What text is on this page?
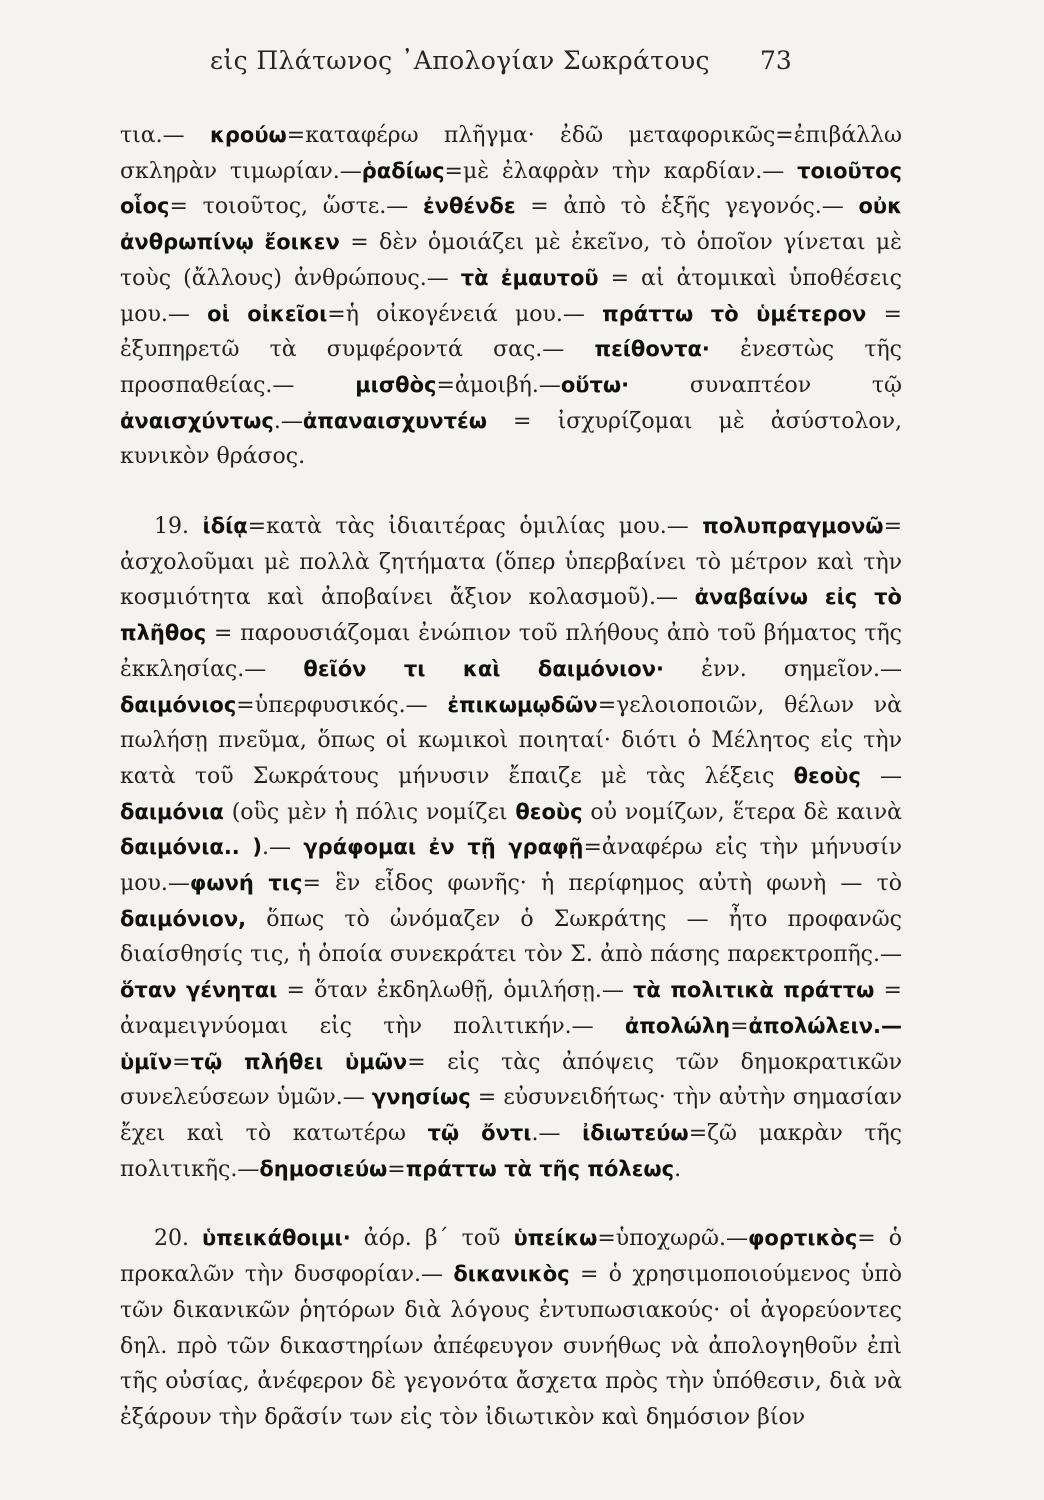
εἰς Πλάτωνος ᾿Απολογίαν Σωκράτους	73

τια.— κρούω=καταφέρω πλῆγμα· ἐδῶ μεταφορικῶς=ἐπιβάλλω σκληρὰν τιμωρίαν.—ῥαδίως=μὲ ἐλαφρὰν τὴν καρδίαν.— τοιοῦτος οἷος= τοιοῦτος, ὥστε.— ἐνθένδε = ἀπὸ τὸ ἑξῆς γεγονός.— οὐκ ἀνθρωπίνῳ ἔοικεν = δὲν ὁμοιάζει μὲ ἐκεῖνο, τὸ ὁποῖον γίνεται μὲ τοὺς (ἄλλους) ἀνθρώπους.— τὰ ἐμαυτοῦ = αἱ ἀτομικαὶ ὑποθέσεις μου.— οἱ οἰκεῖοι=ἡ οἰκογένειά μου.— πράττω τὸ ὑμέτερον = ἐξυπηρετῶ τὰ συμφέροντά σας.— πείθοντα· ἐνεστὼς τῆς προσπαθείας.— μισθὸς=ἀμοιβή.—οὕτω· συναπτέον τῷ ἀναισχύντως.—ἀπαναισχυντέω = ἰσχυρίζομαι μὲ ἀσύστολον, κυνικὸν θράσος.

19. ἰδίᾳ=κατὰ τὰς ἰδιαιτέρας ὁμιλίας μου.— πολυπραγμονῶ= ἀσχολοῦμαι μὲ πολλὰ ζητήματα (ὅπερ ὑπερβαίνει τὸ μέτρον καὶ τὴν κοσμιότητα καὶ ἀποβαίνει ἄξιον κολασμοῦ).— ἀναβαίνω εἰς τὸ πλῆθος = παρουσιάζομαι ἐνώπιον τοῦ πλήθους ἀπὸ τοῦ βήματος τῆς ἐκκλησίας.— θεῖόν τι καὶ δαιμόνιον· ἐνν. σημεῖον.— δαιμόνιος=ὑπερφυσικός.— ἐπικωμῳδῶν=γελοιοποιῶν, θέλων νὰ πωλήσῃ πνεῦμα, ὅπως οἱ κωμικοὶ ποιηταί· διότι ὁ Μέλητος εἰς τὴν κατὰ τοῦ Σωκράτους μήνυσιν ἔπαιζε μὲ τὰς λέξεις θεοὺς — δαιμόνια (οὓς μὲν ἡ πόλις νομίζει θεοὺς οὐ νομίζων, ἕτερα δὲ καινὰ δαιμόνια.. ).— γράφομαι ἐν τῇ γραφῇ=ἀναφέρω εἰς τὴν μήνυσίν μου.—φωνή τις= ἓν εἶδος φωνῆς· ἡ περίφημος αὐτὴ φωνὴ — τὸ δαιμόνιον, ὅπως τὸ ὠνόμαζεν ὁ Σωκράτης — ἦτο προφανῶς διαίσθησίς τις, ἡ ὁποία συνεκράτει τὸν Σ. ἀπὸ πάσης παρεκτροπῆς.— ὅταν γένηται = ὅταν ἐκδηλωθῇ, ὁμιλήσῃ.— τὰ πολιτικὰ πράττω = ἀναμειγνύομαι εἰς τὴν πολιτικήν.— ἀπολώλη=ἀπολώλειν.— ὑμῖν=τῷ πλήθει ὑμῶν= εἰς τὰς ἀπόψεις τῶν δημοκρατικῶν συνελεύσεων ὑμῶν.— γνησίως = εὐσυνειδήτως· τὴν αὐτὴν σημασίαν ἔχει καὶ τὸ κατωτέρω τῷ ὄντι.— ἰδιωτεύω=ζῶ μακρὰν τῆς πολιτικῆς.—δημοσιεύω=πράττω τὰ τῆς πόλεως.

20. ὑπεικάθοιμι· ἀόρ. β΄ τοῦ ὑπείκω=ὑποχωρῶ.—φορτικὸς= ὁ προκαλῶν τὴν δυσφορίαν.— δικανικὸς = ὁ χρησιμοποιούμενος ὑπὸ τῶν δικανικῶν ῥητόρων διὰ λόγους ἐντυπωσιακούς· οἱ ἀγορεύοντες δηλ. πρὸ τῶν δικαστηρίων ἀπέφευγον συνήθως νὰ ἀπολογηθοῦν ἐπὶ τῆς οὐσίας, ἀνέφερον δὲ γεγονότα ἄσχετα πρὸς τὴν ὑπόθεσιν, διὰ νὰ ἐξάρουν τὴν δρᾶσίν των εἰς τὸν ἰδιωτικὸν καὶ δημόσιον βίον
